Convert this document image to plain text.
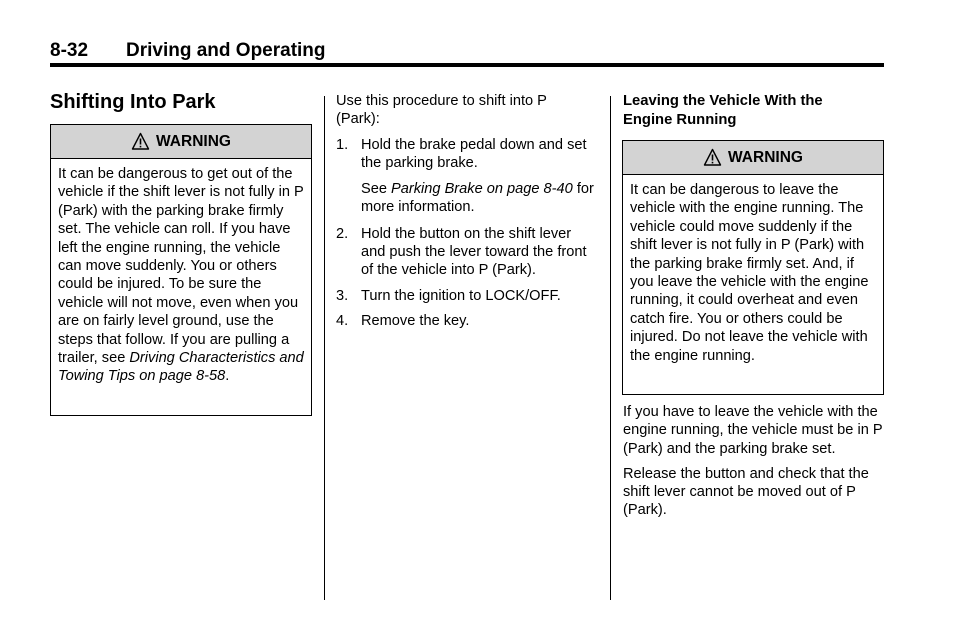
8-32 Driving and Operating
Shifting Into Park
WARNING
It can be dangerous to get out of the vehicle if the shift lever is not fully in P (Park) with the parking brake firmly set. The vehicle can roll. If you have left the engine running, the vehicle can move suddenly. You or others could be injured. To be sure the vehicle will not move, even when you are on fairly level ground, use the steps that follow. If you are pulling a trailer, see Driving Characteristics and Towing Tips on page 8-58.

Use this procedure to shift into P (Park):

1. Hold the brake pedal down and set the parking brake.

See Parking Brake on page 8-40 for more information.

2. Hold the button on the shift lever and push the lever toward the front of the vehicle into P (Park).
3. Turn the ignition to LOCK/OFF.
4. Remove the key.
Leaving the Vehicle With the Engine Running
WARNING
It can be dangerous to leave the vehicle with the engine running. The vehicle could move suddenly if the shift lever is not fully in P (Park) with the parking brake firmly set. And, if you leave the vehicle with the engine running, it could overheat and even catch fire. You or others could be injured. Do not leave the vehicle with the engine running.

If you have to leave the vehicle with the engine running, the vehicle must be in P (Park) and the parking brake set.

Release the button and check that the shift lever cannot be moved out of P (Park).
